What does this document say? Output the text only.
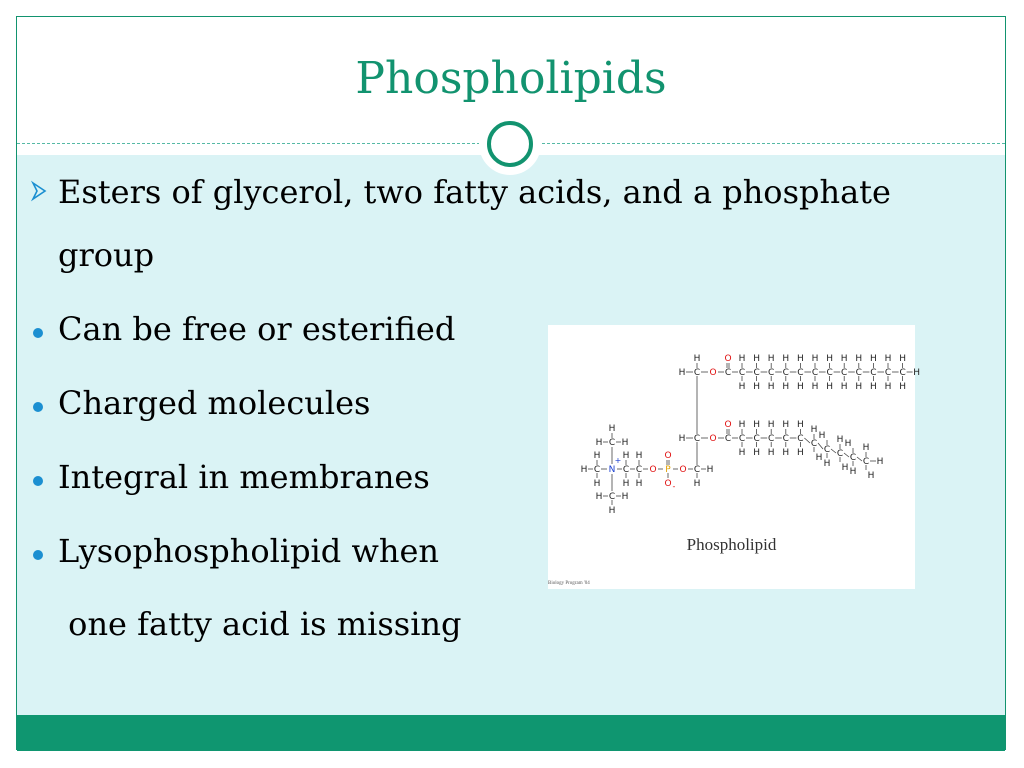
Phospholipids
Esters of glycerol, two fatty acids, and a phosphate
group
Can be free or esterified
Charged molecules
Integral in membranes
Lysophospholipid when
one fatty acid is missing
H C
H
O C
O
C
H
H
C
H
H
C
H
H
C
H
H
C
H
H
C
H
H
C
H
H
C
H
H
C
H
H
C
H
H
C
H
H
C
H
H
H
H C O C
O
C
H
H
C
H
H
C
H
H
C
H
H
C
H
H
C
H
H
C
H
H
C
H
H
C
H
H
C
H
H
H
C H
H
O
P
O
O -
O
C
H
H
C
H
H
N
+
C
H
H
H
C
H H
H
C
H H
H
Phospholipid
Biology Program '04
